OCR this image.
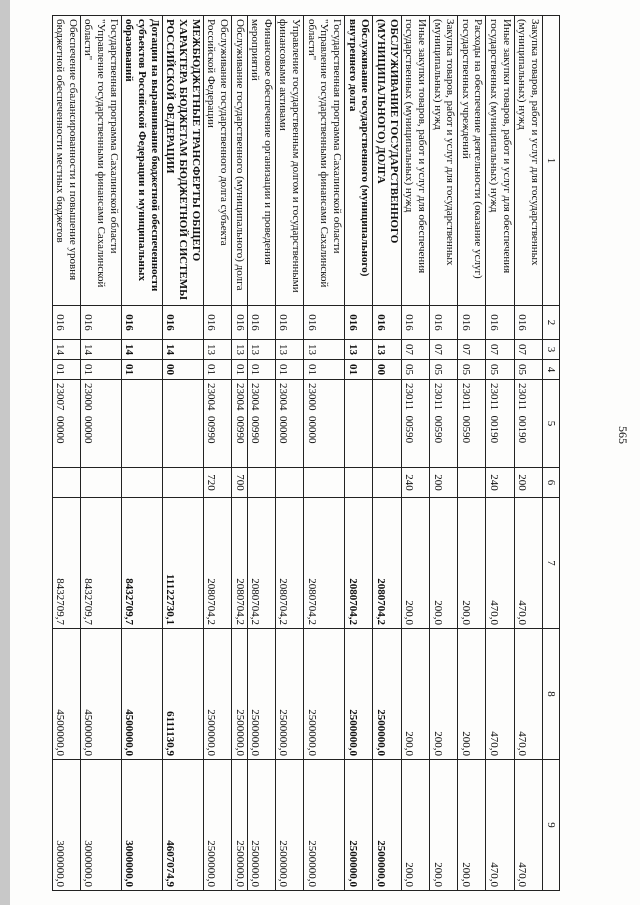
565
1	2	3	4	5	6	7	8	9
Закупка товаров, работ и услуг для государственных (муниципальных) нужд	016	07	05	23011  00190	200	470,0	470,0	470,0
Иные закупки товаров, работ и услуг для обеспечения государственных (муниципальных) нужд	016	07	05	23011  00190	240	470,0	470,0	470,0
Расходы на обеспечение деятельности (оказание услуг) государственных учреждений	016	07	05	23011  00590		200,0	200,0	200,0
Закупка товаров, работ и услуг для государственных (муниципальных) нужд	016	07	05	23011  00590	200	200,0	200,0	200,0
Иные закупки товаров, работ и услуг для обеспечения государственных (муниципальных) нужд	016	07	05	23011  00590	240	200,0	200,0	200,0
ОБСЛУЖИВАНИЕ ГОСУДАРСТВЕННОГО (МУНИЦИПАЛЬНОГО) ДОЛГА	016	13	00			2080704,2	2500000,0	2500000,0
Обслуживание государственного (муниципального) внутреннего долга	016	13	01			2080704,2	2500000,0	2500000,0
Государственная программа Сахалинской области "Управление государственными финансами Сахалинской области"	016	13	01	23000  00000		2080704,2	2500000,0	2500000,0
Управление государственным долгом и государственными финансовыми активами	016	13	01	23004  00000		2080704,2	2500000,0	2500000,0
Финансовое обеспечение организации и проведения мероприятий	016	13	01	23004  00990		2080704,2	2500000,0	2500000,0
Обслуживание государственного (муниципального) долга	016	13	01	23004  00990	700	2080704,2	2500000,0	2500000,0
Обслуживание государственного долга субъекта Российской Федерации	016	13	01	23004  00990	720	2080704,2	2500000,0	2500000,0
МЕЖБЮДЖЕТНЫЕ ТРАНСФЕРТЫ ОБЩЕГО ХАРАКТЕРА БЮДЖЕТАМ БЮДЖЕТНОЙ СИСТЕМЫ РОССИЙСКОЙ ФЕДЕРАЦИИ	016	14	00			11122730,1	6111130,9	4607074,9
Дотации на выравнивание бюджетной обеспеченности субъектов Российской Федерации и муниципальных образований	016	14	01			8432709,7	4500000,0	3000000,0
Государственная программа Сахалинской области "Управление государственными финансами Сахалинской области"	016	14	01	23000  00000		8432709,7	4500000,0	3000000,0
Обеспечение сбалансированности и повышение уровня бюджетной обеспеченности местных бюджетов	016	14	01	23007  00000		8432709,7	4500000,0	3000000,0
